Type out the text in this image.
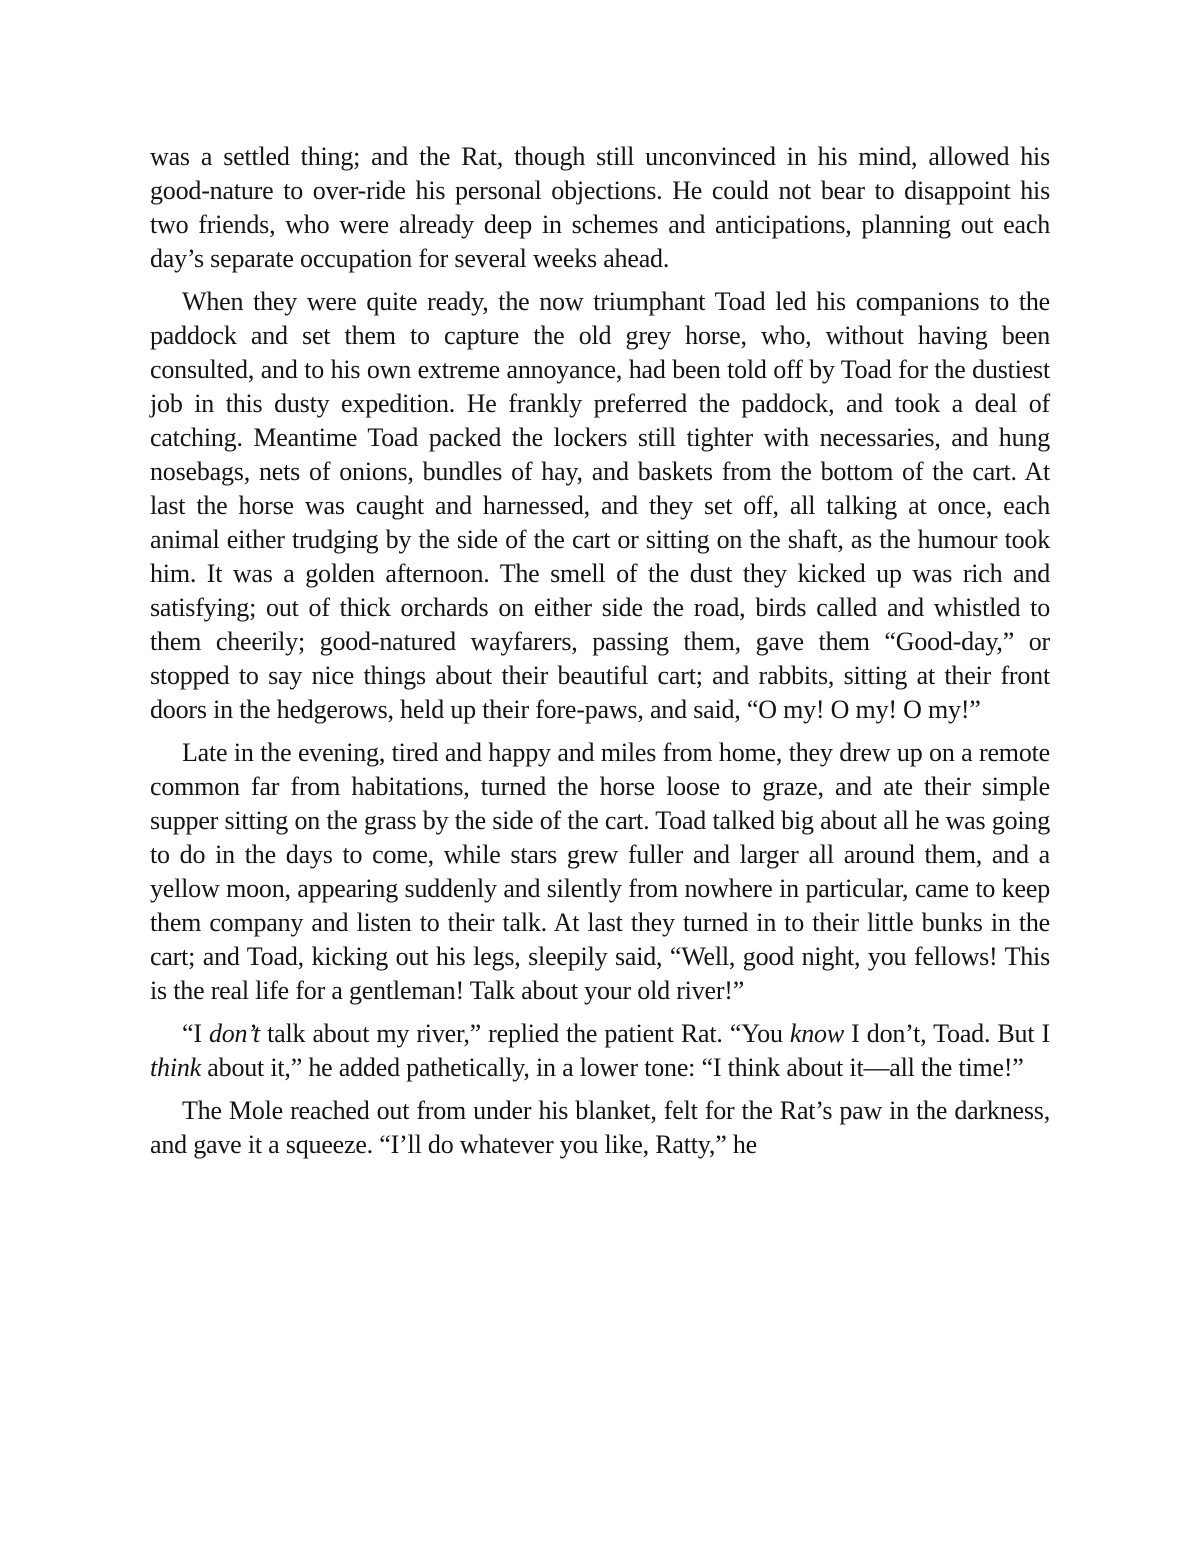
was a settled thing; and the Rat, though still unconvinced in his mind, allowed his good-nature to over-ride his personal objections. He could not bear to disappoint his two friends, who were already deep in schemes and anticipations, planning out each day’s separate occupation for several weeks ahead.

When they were quite ready, the now triumphant Toad led his companions to the paddock and set them to capture the old grey horse, who, without having been consulted, and to his own extreme annoyance, had been told off by Toad for the dustiest job in this dusty expedition. He frankly preferred the paddock, and took a deal of catching. Meantime Toad packed the lockers still tighter with necessaries, and hung nosebags, nets of onions, bundles of hay, and baskets from the bottom of the cart. At last the horse was caught and harnessed, and they set off, all talking at once, each animal either trudging by the side of the cart or sitting on the shaft, as the humour took him. It was a golden afternoon. The smell of the dust they kicked up was rich and satisfying; out of thick orchards on either side the road, birds called and whistled to them cheerily; good-natured wayfarers, passing them, gave them “Good-day,” or stopped to say nice things about their beautiful cart; and rabbits, sitting at their front doors in the hedgerows, held up their fore-paws, and said, “O my! O my! O my!”

Late in the evening, tired and happy and miles from home, they drew up on a remote common far from habitations, turned the horse loose to graze, and ate their simple supper sitting on the grass by the side of the cart. Toad talked big about all he was going to do in the days to come, while stars grew fuller and larger all around them, and a yellow moon, appearing suddenly and silently from nowhere in particular, came to keep them company and listen to their talk. At last they turned in to their little bunks in the cart; and Toad, kicking out his legs, sleepily said, “Well, good night, you fellows! This is the real life for a gentleman! Talk about your old river!”

“I don’t talk about my river,” replied the patient Rat. “You know I don’t, Toad. But I think about it,” he added pathetically, in a lower tone: “I think about it—all the time!”

The Mole reached out from under his blanket, felt for the Rat’s paw in the darkness, and gave it a squeeze. “I’ll do whatever you like, Ratty,” he
